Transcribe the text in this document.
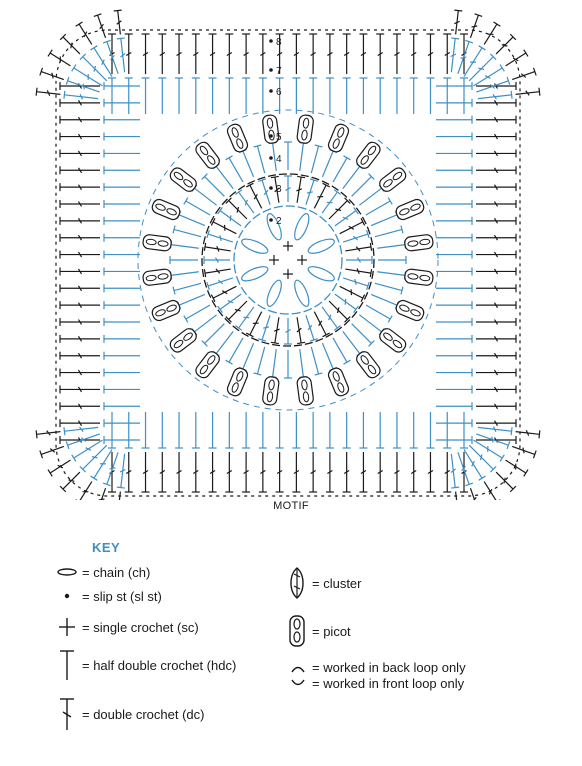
2
3
4
5
6
7
8
MOTIF
KEY
= chain (ch)
= slip st (sl st)
= single crochet (sc)
= half double crochet (hdc)
= double crochet (dc)
= cluster
= picot
= worked in back loop only
= worked in front loop only
